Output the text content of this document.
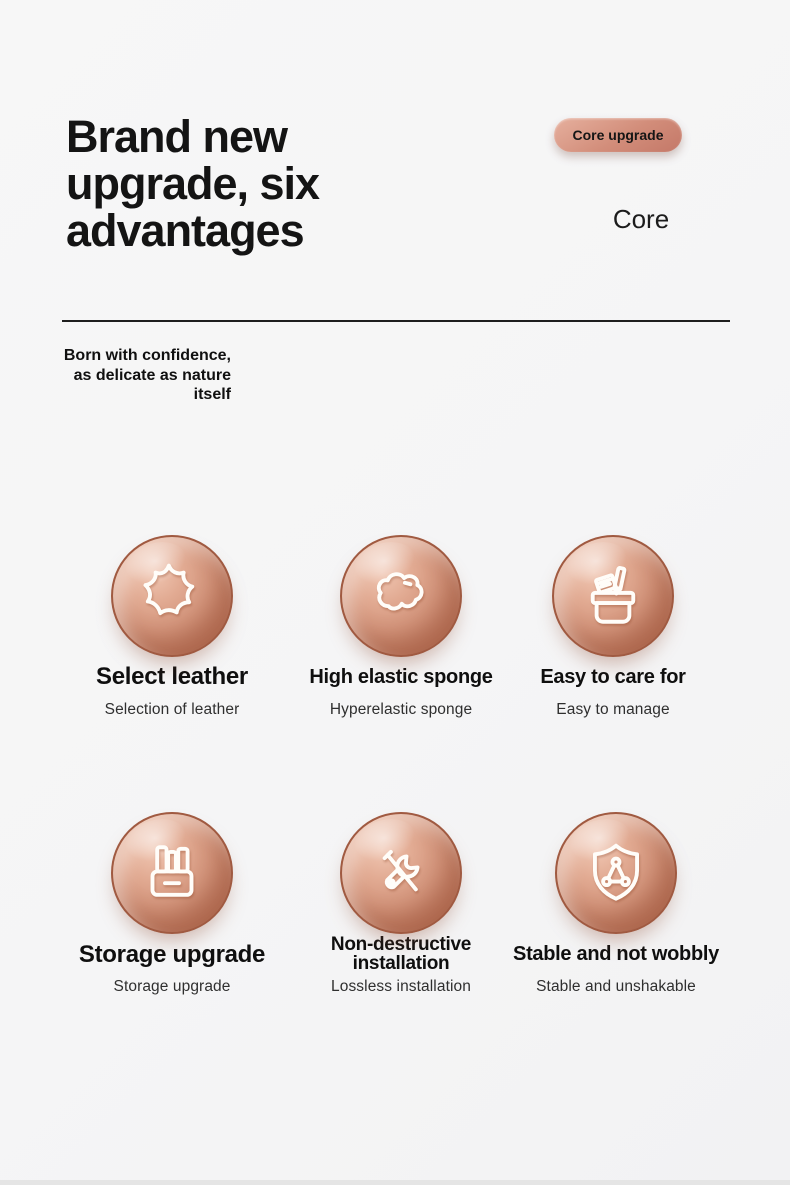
Brand new
upgrade, six
advantages
Core upgrade
Core
Born with confidence,
as delicate as nature
itself
Select leather
Selection of leather
High elastic sponge
Hyperelastic sponge
Easy to care for
Easy to manage
Storage upgrade
Storage upgrade
Non-destructive installation
Lossless installation
Stable and not wobbly
Stable and unshakable
